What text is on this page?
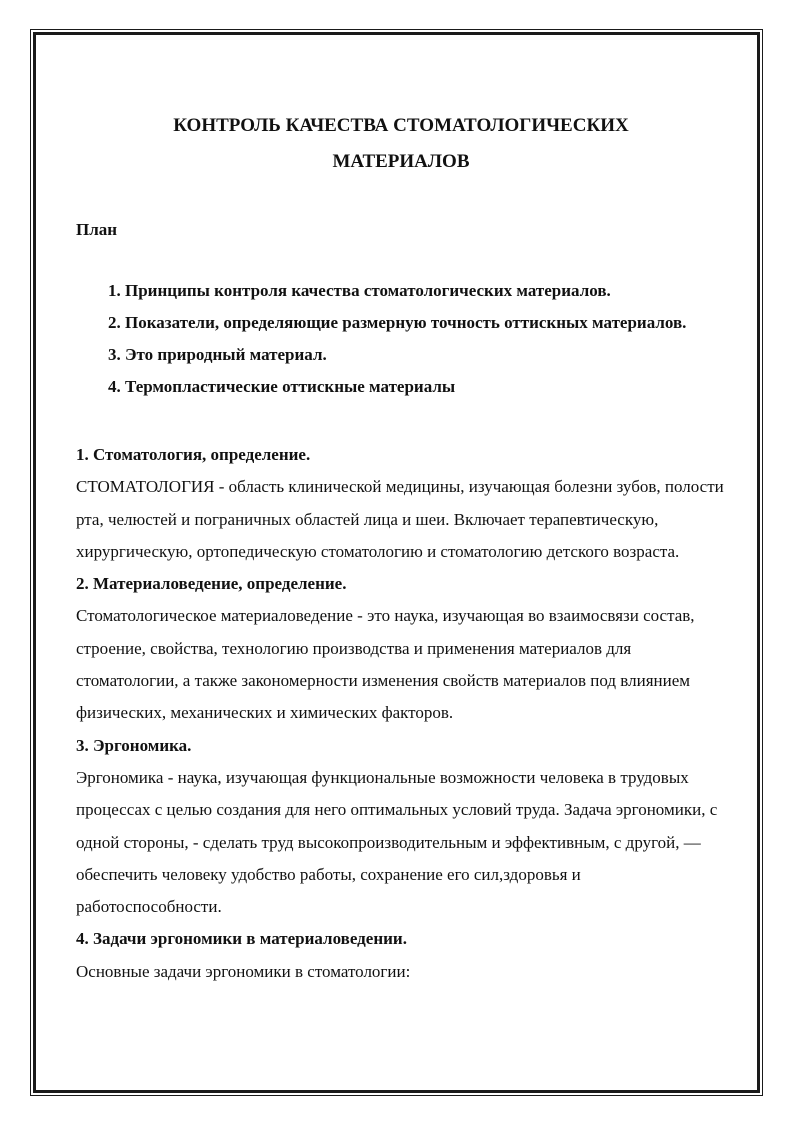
КОНТРОЛЬ КАЧЕСТВА СТОМАТОЛОГИЧЕСКИХ
МАТЕРИАЛОВ

План

1. Принципы контроля качества стоматологических материалов.
2. Показатели, определяющие размерную точность оттискных материалов.
3. Это природный материал.
4. Термопластические оттискные материалы

1. Стоматология, определение.

СТОМАТОЛОГИЯ - область клинической медицины, изучающая болезни зубов, полости рта, челюстей и пограничных областей лица и шеи. Включает терапевтическую, хирургическую, ортопедическую стоматологию и стоматологию детского возраста.

2. Материаловедение, определение.

Стоматологическое материаловедение - это наука, изучающая во взаимосвязи состав, строение, свойства, технологию производства и применения материалов для стоматологии, а также закономерности изменения свойств материалов под влиянием физических, механических и химических факторов.

3. Эргономика.

Эргономика - наука, изучающая функциональные возможности человека в трудовых процессах с целью создания для него оптимальных условий труда. Задача эргономики, с одной стороны, - сделать труд высокопроизводительным и эффективным, с другой, — обеспечить человеку удобство работы, сохранение его сил,здоровья и работоспособности.

4. Задачи эргономики в материаловедении.

Основные задачи эргономики в стоматологии:
